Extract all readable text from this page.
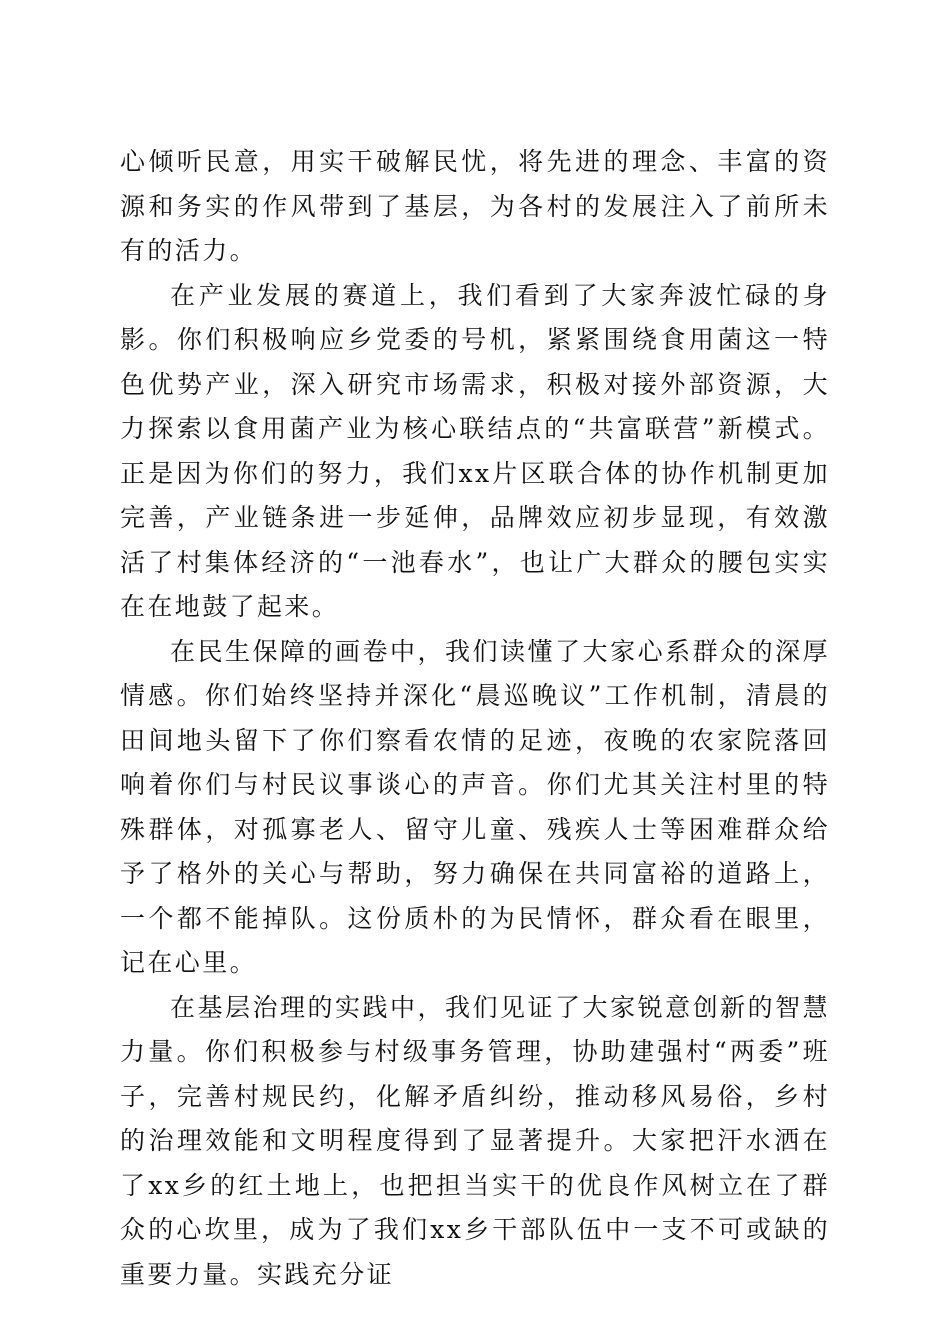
心倾听民意，用实干破解民忧，将先进的理念、丰富的资源和务实的作风带到了基层，为各村的发展注入了前所未有的活力。

在产业发展的赛道上，我们看到了大家奔波忙碌的身影。你们积极响应乡党委的号机，紧紧围绕食用菌这一特色优势产业，深入研究市场需求，积极对接外部资源，大力探索以食用菌产业为核心联结点的“共富联营”新模式。正是因为你们的努力，我们xx片区联合体的协作机制更加完善，产业链条进一步延伸，品牌效应初步显现，有效激活了村集体经济的“一池春水”，也让广大群众的腰包实实在在地鼓了起来。

在民生保障的画卷中，我们读懂了大家心系群众的深厚情感。你们始终坚持并深化“晨巡晚议”工作机制，清晨的田间地头留下了你们察看农情的足迹，夜晚的农家院落回响着你们与村民议事谈心的声音。你们尤其关注村里的特殊群体，对孤寡老人、留守儿童、残疾人士等困难群众给予了格外的关心与帮助，努力确保在共同富裕的道路上，一个都不能掉队。这份质朴的为民情怀，群众看在眼里，记在心里。

在基层治理的实践中，我们见证了大家锐意创新的智慧力量。你们积极参与村级事务管理，协助建强村“两委”班子，完善村规民约，化解矛盾纠纷，推动移风易俗，乡村的治理效能和文明程度得到了显著提升。大家把汗水洒在了xx乡的红土地上，也把担当实干的优良作风树立在了群众的心坎里，成为了我们xx乡干部队伍中一支不可或缺的重要力量。实践充分证
